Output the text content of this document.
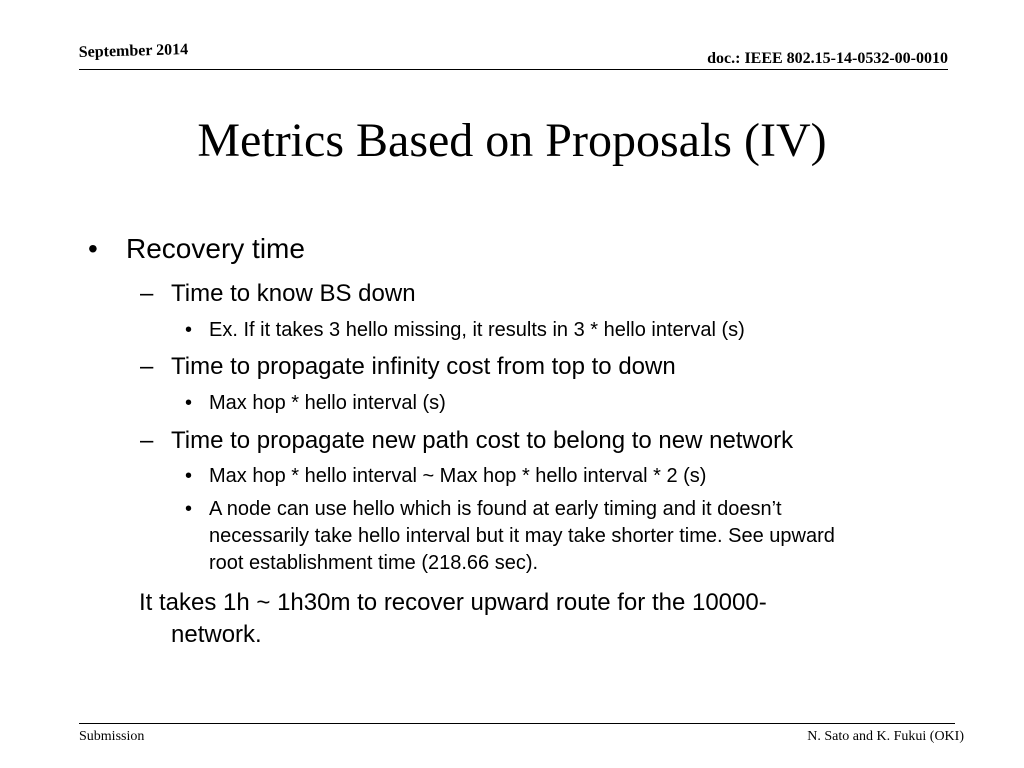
September 2014	doc.: IEEE 802.15-14-0532-00-0010
Metrics Based on Proposals (IV)
• Recovery time
– Time to know BS down
• Ex. If it takes 3 hello missing, it results in 3 * hello interval (s)
– Time to propagate infinity cost from top to down
• Max hop * hello interval (s)
– Time to propagate new path cost to belong to new network
• Max hop * hello interval ~ Max hop * hello interval * 2 (s)
• A node can use hello which is found at early timing and it doesn’t
necessarily take hello interval but it may take shorter time. See upward
root establishment time (218.66 sec).
It takes 1h ~ 1h30m to recover upward route for the 10000-
network.
Submission	N. Sato and K. Fukui (OKI)
